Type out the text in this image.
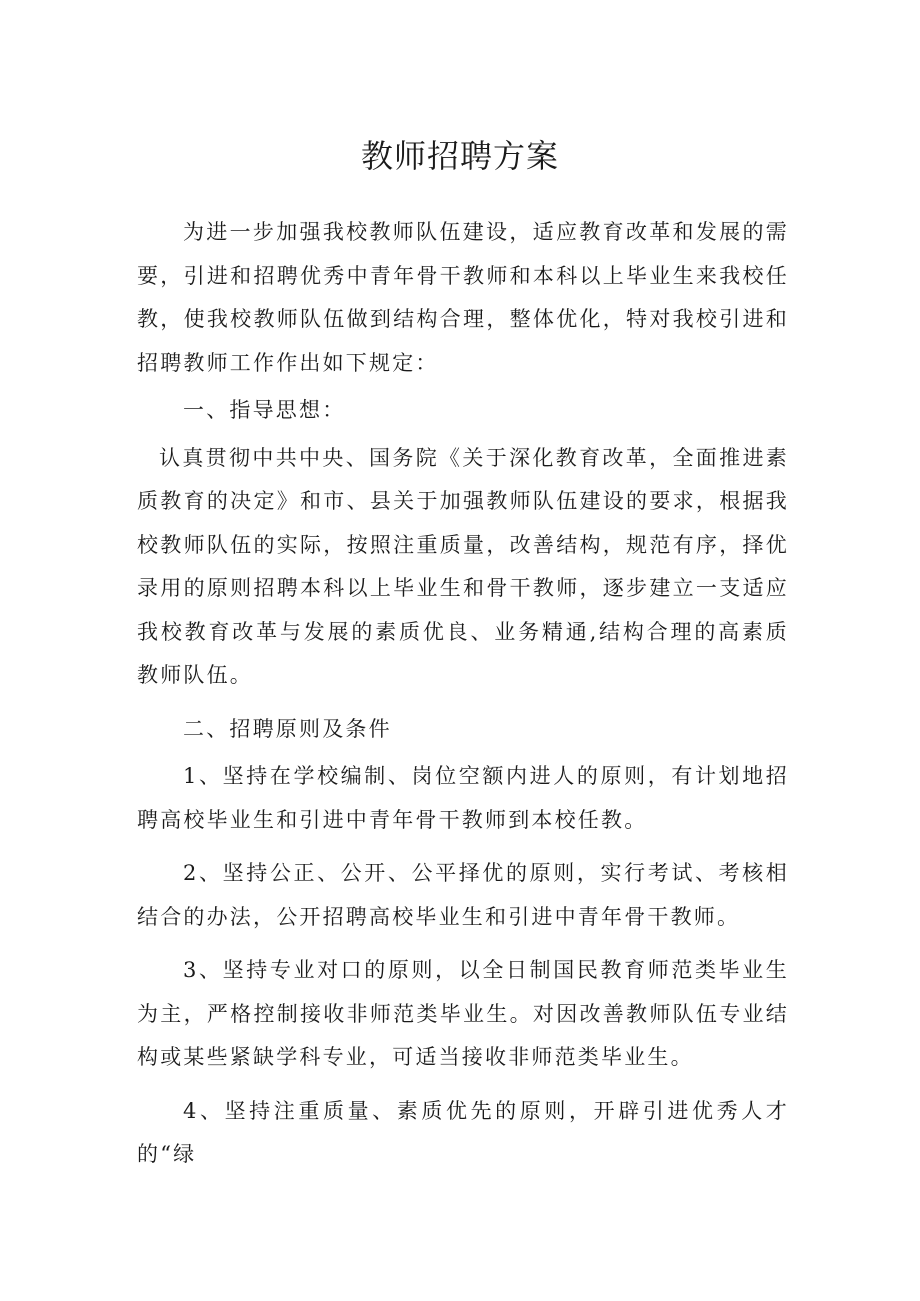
教师招聘方案

为进一步加强我校教师队伍建设，适应教育改革和发展的需要，引进和招聘优秀中青年骨干教师和本科以上毕业生来我校任教，使我校教师队伍做到结构合理，整体优化，特对我校引进和招聘教师工作作出如下规定：

一、指导思想：

认真贯彻中共中央、国务院《关于深化教育改革，全面推进素质教育的决定》和市、县关于加强教师队伍建设的要求，根据我校教师队伍的实际，按照注重质量，改善结构，规范有序，择优录用的原则招聘本科以上毕业生和骨干教师，逐步建立一支适应我校教育改革与发展的素质优良、业务精通,结构合理的高素质教师队伍。

二、招聘原则及条件

1、坚持在学校编制、岗位空额内进人的原则，有计划地招聘高校毕业生和引进中青年骨干教师到本校任教。

2、坚持公正、公开、公平择优的原则，实行考试、考核相结合的办法，公开招聘高校毕业生和引进中青年骨干教师。

3、坚持专业对口的原则，以全日制国民教育师范类毕业生为主，严格控制接收非师范类毕业生。对因改善教师队伍专业结构或某些紧缺学科专业，可适当接收非师范类毕业生。

4、坚持注重质量、素质优先的原则，开辟引进优秀人才的“绿
